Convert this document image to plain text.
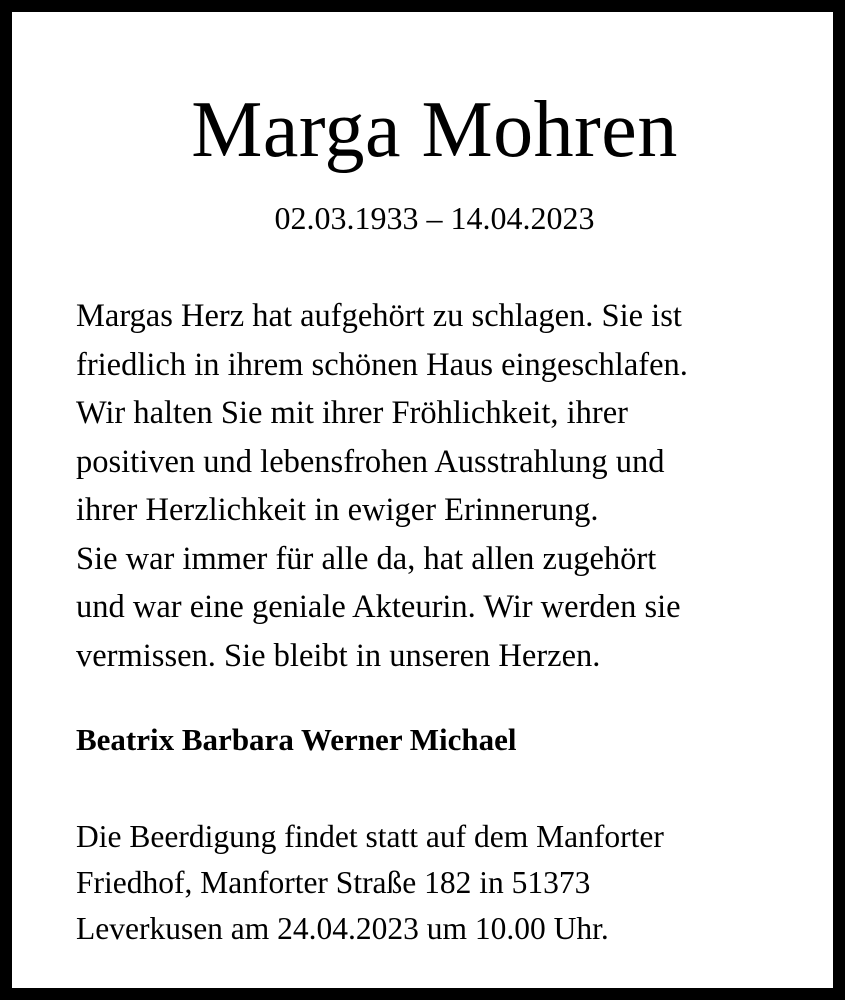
Marga Mohren
02.03.1933 – 14.04.2023
Margas Herz hat aufgehört zu schlagen. Sie ist
friedlich in ihrem schönen Haus eingeschlafen.
Wir halten Sie mit ihrer Fröhlichkeit, ihrer
positiven und lebensfrohen Ausstrahlung und
ihrer Herzlichkeit in ewiger Erinnerung.
Sie war immer für alle da, hat allen zugehört
und war eine geniale Akteurin. Wir werden sie
vermissen. Sie bleibt in unseren Herzen.
Beatrix Barbara Werner Michael
Die Beerdigung findet statt auf dem Manforter
Friedhof, Manforter Straße 182 in 51373
Leverkusen am 24.04.2023 um 10.00 Uhr.
